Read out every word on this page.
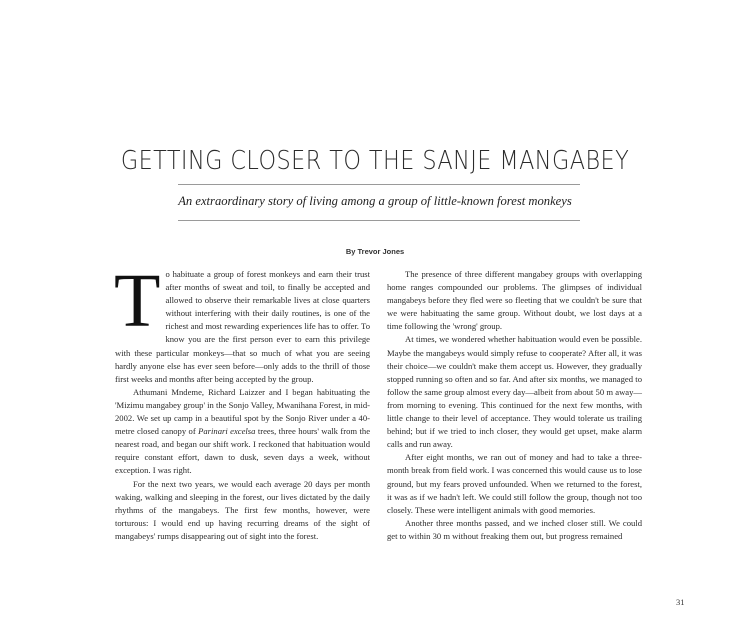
GETTING CLOSER TO THE SANJE MANGABEY
An extraordinary story of living among a group of little-known forest monkeys
By Trevor Jones

To habituate a group of forest monkeys and earn their trust after months of sweat and toil, to finally be accepted and allowed to observe their remarkable lives at close quarters without interfering with their daily routines, is one of the richest and most rewarding experiences life has to offer. To know you are the first person ever to earn this privilege with these particular monkeys—that so much of what you are seeing hardly anyone else has ever seen before—only adds to the thrill of those first weeks and months after being accepted by the group.

Athumani Mndeme, Richard Laizzer and I began habituating the 'Mizimu mangabey group' in the Sonjo Valley, Mwanihana Forest, in mid-2002. We set up camp in a beautiful spot by the Sonjo River under a 40-metre closed canopy of Parinari excelsa trees, three hours' walk from the nearest road, and began our shift work. I reckoned that habituation would require constant effort, dawn to dusk, seven days a week, without exception. I was right.

For the next two years, we would each average 20 days per month waking, walking and sleeping in the forest, our lives dictated by the daily rhythms of the mangabeys. The first few months, however, were torturous: I would end up having recurring dreams of the sight of mangabeys' rumps disappearing out of sight into the forest.

The presence of three different mangabey groups with overlapping home ranges compounded our problems. The glimpses of individual mangabeys before they fled were so fleeting that we couldn't be sure that we were habituating the same group. Without doubt, we lost days at a time following the 'wrong' group.

At times, we wondered whether habituation would even be possible. Maybe the mangabeys would simply refuse to cooperate? After all, it was their choice—we couldn't make them accept us. However, they gradually stopped running so often and so far. And after six months, we managed to follow the same group almost every day—albeit from about 50 m away—from morning to evening. This continued for the next few months, with little change to their level of acceptance. They would tolerate us trailing behind; but if we tried to inch closer, they would get upset, make alarm calls and run away.

After eight months, we ran out of money and had to take a three-month break from field work. I was concerned this would cause us to lose ground, but my fears proved unfounded. When we returned to the forest, it was as if we hadn't left. We could still follow the group, though not too closely. These were intelligent animals with good memories.

Another three months passed, and we inched closer still. We could get to within 30 m without freaking them out, but progress remained

31
